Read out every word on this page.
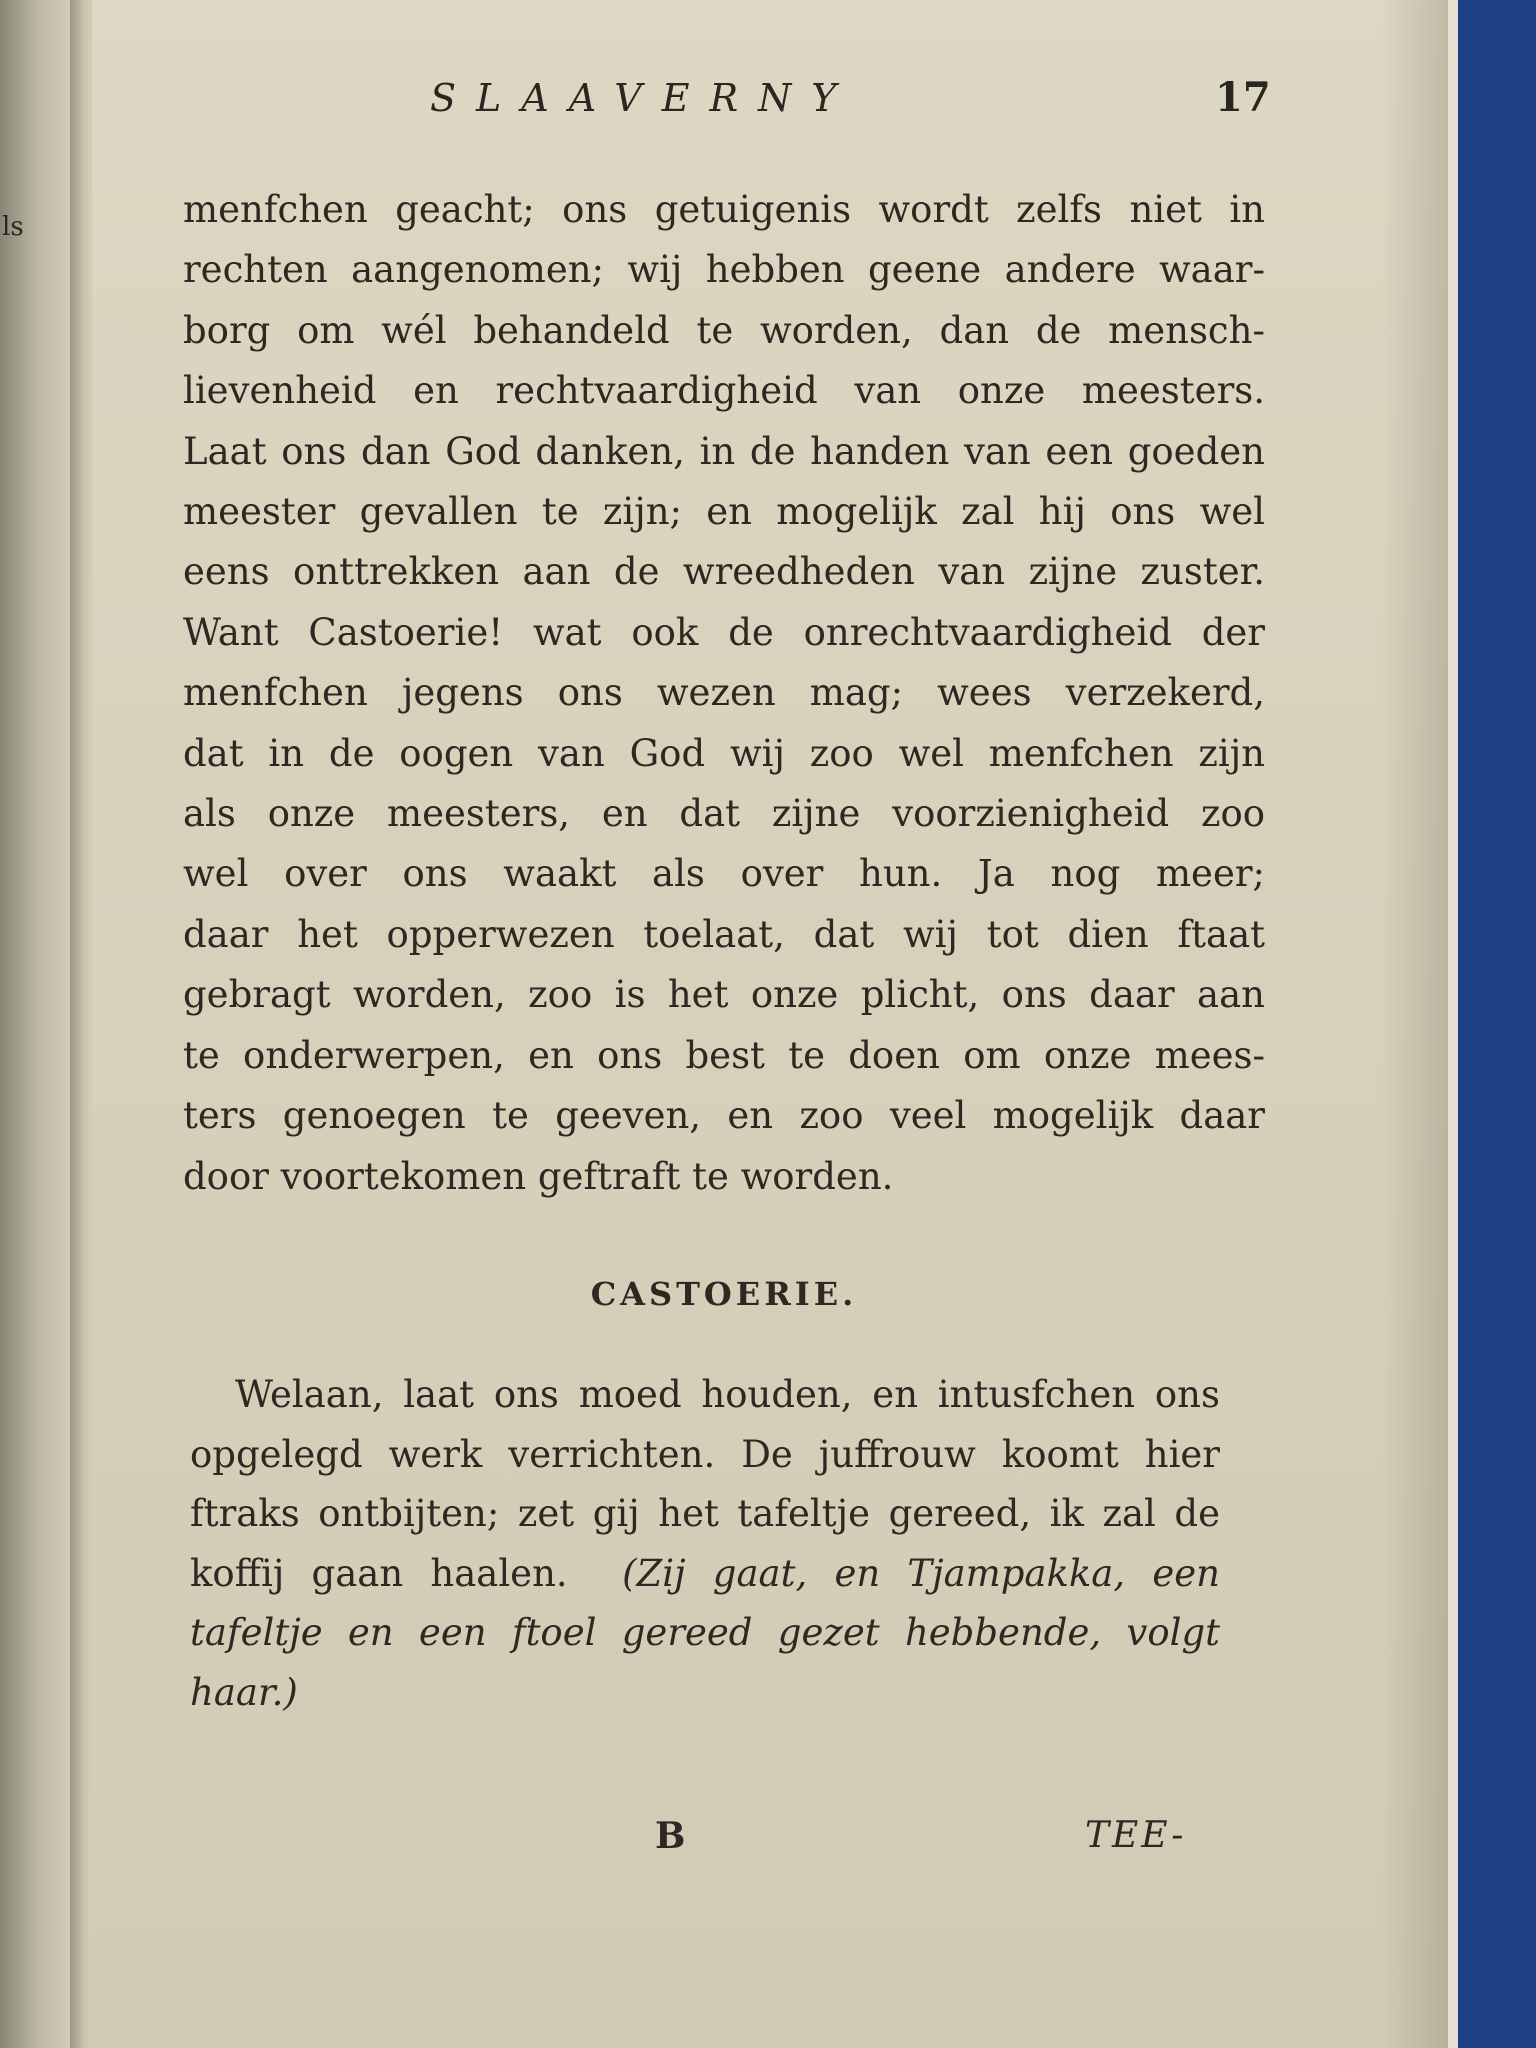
ls
SLAAVERNY	17
menfchen geacht; ons getuigenis wordt zelfs niet in
rechten aangenomen; wij hebben geene andere waar-
borg om wél behandeld te worden, dan de mensch-
lievenheid en rechtvaardigheid van onze meesters.
Laat ons dan God danken, in de handen van een goeden
meester gevallen te zijn; en mogelijk zal hij ons wel
eens onttrekken aan de wreedheden van zijne zuster.
Want Castoerie! wat ook de onrechtvaardigheid der
menfchen jegens ons wezen mag; wees verzekerd,
dat in de oogen van God wij zoo wel menfchen zijn
als onze meesters, en dat zijne voorzienigheid zoo
wel over ons waakt als over hun. Ja nog meer;
daar het opperwezen toelaat, dat wij tot dien ftaat
gebragt worden, zoo is het onze plicht, ons daar aan
te onderwerpen, en ons best te doen om onze mees-
ters genoegen te geeven, en zoo veel mogelijk daar
door voortekomen geftraft te worden.
CASTOERIE.
Welaan, laat ons moed houden, en intusfchen ons
opgelegd werk verrichten. De juffrouw koomt hier
ftraks ontbijten; zet gij het tafeltje gereed, ik zal de
koffij gaan haalen. (Zij gaat, en Tjampakka, een
tafeltje en een ftoel gereed gezet hebbende, volgt
haar.)
B	TEE-
